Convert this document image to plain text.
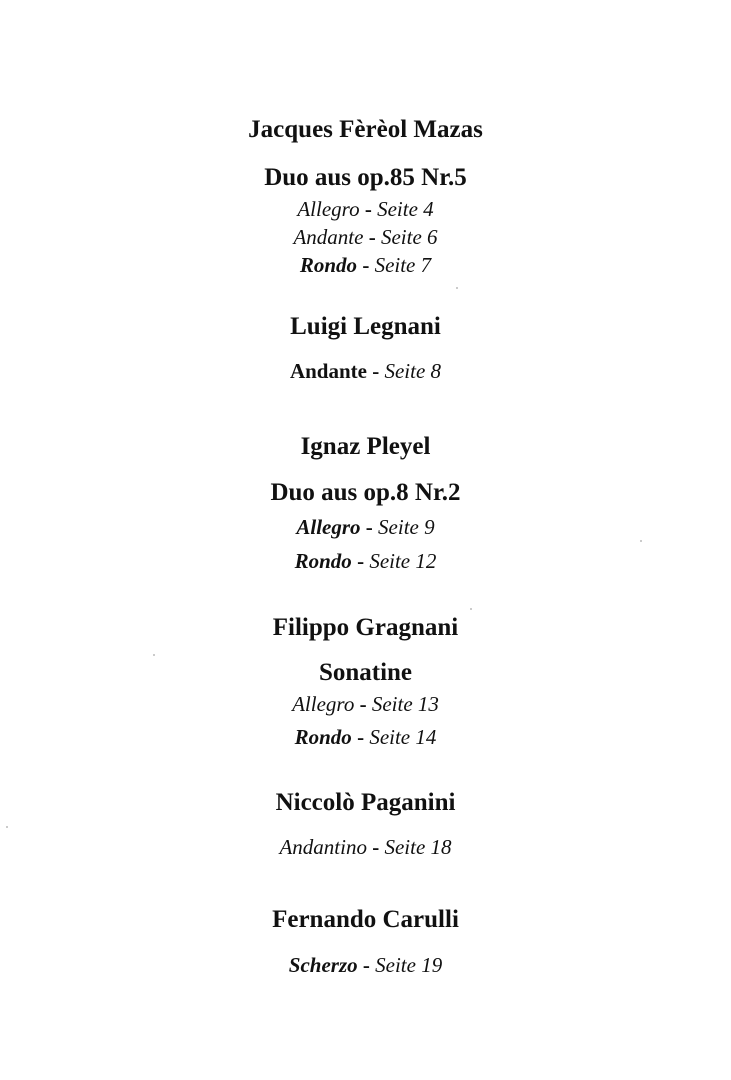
Jacques Fèrèol Mazas
Duo aus op.85 Nr.5
Allegro - Seite 4
Andante - Seite 6
Rondo - Seite 7
Luigi Legnani
Andante - Seite 8
Ignaz Pleyel
Duo aus op.8 Nr.2
Allegro - Seite 9
Rondo - Seite 12
Filippo Gragnani
Sonatine
Allegro - Seite 13
Rondo - Seite 14
Niccolò Paganini
Andantino - Seite 18
Fernando Carulli
Scherzo - Seite 19
